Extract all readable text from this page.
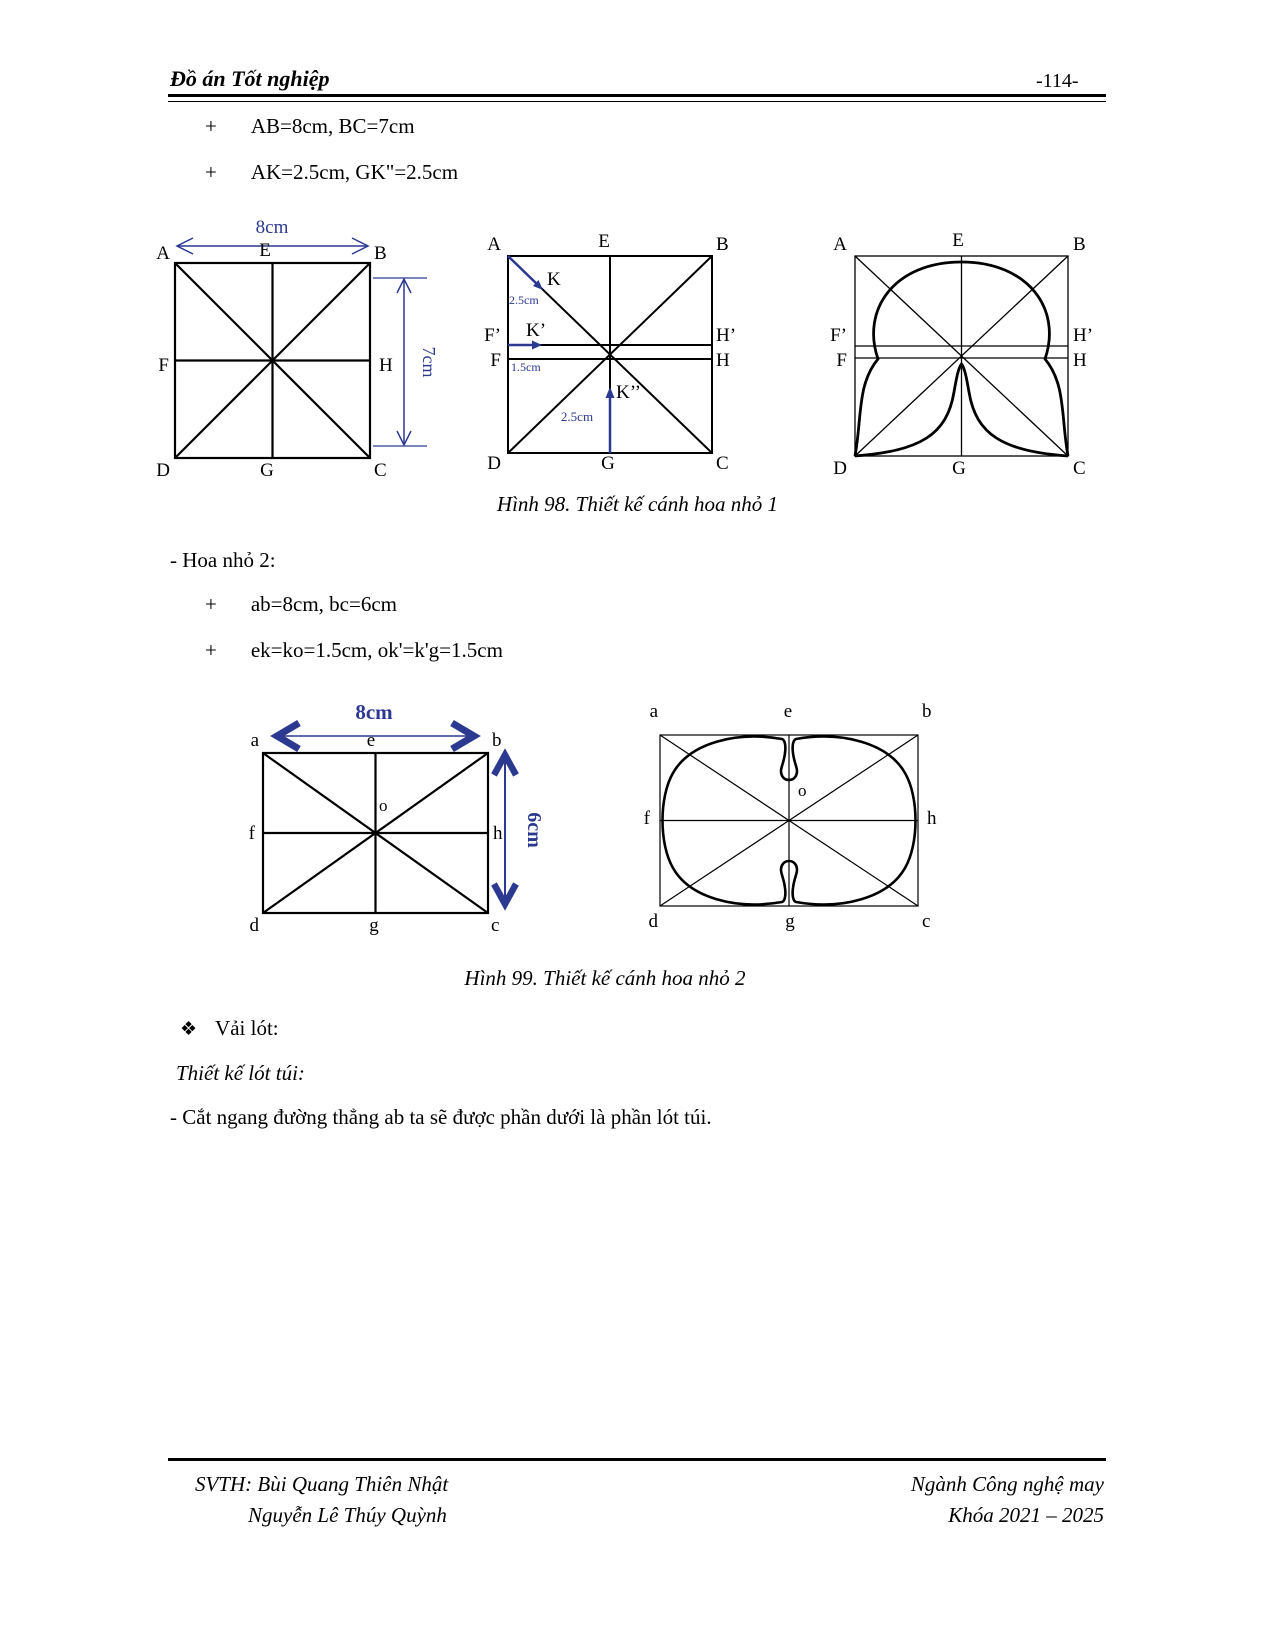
Đồ án Tốt nghiệp	-114-
+ AB=8cm, BC=7cm
+ AK=2.5cm, GK"=2.5cm
8cm
7cm
A	E	B
F	H
D	G	C
2.5cm
1.5cm
2.5cm
A	E	B
F’
F
H’
H
D	G	C
K
K’
K’’
A	E	B
F’
F
H’
H
D	G	C
Hình 98. Thiết kế cánh hoa nhỏ 1
- Hoa nhỏ 2:
+ ab=8cm, bc=6cm
+ ek=ko=1.5cm, ok'=k'g=1.5cm
8cm
6cm
a	e	b
f
o
h
d	g	c
a	e	b
f
o
h
d	g	c
Hình 99. Thiết kế cánh hoa nhỏ 2
❖ Vải lót:
Thiết kế lót túi:
- Cắt ngang đường thẳng ab ta sẽ được phần dưới là phần lót túi.
SVTH: Bùi Quang Thiên Nhật
Nguyễn Lê Thúy Quỳnh
Ngành Công nghệ may
Khóa 2021 – 2025
